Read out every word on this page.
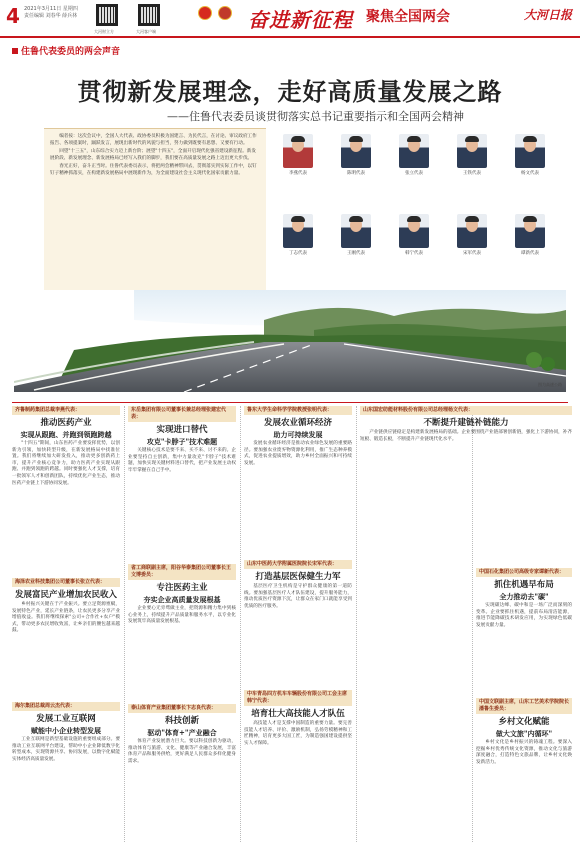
4 2021年3月11日 星期四
责任编辑 刘春华 薛兵林
大河财立方	大河客户端	奋进新征程 聚焦全国两会	大河日报
住鲁代表委员的两会声音
贯彻新发展理念，走好高质量发展之路
——住鲁代表委员谈贯彻落实总书记重要指示和全国两会精神

编者按：这次会议中，全国人大代表、政协委员积极为国建言、为民代言，在讨论、审议政府工作报告、各项提案时，踊跃发言，展现出新时代的风貌与担当，努力做到既要有思想、又要有行动。

回望"十三五"，山东综合实力迈上新台阶；展望"十四五"，全面开启现代化强省建设新征程。新发展阶段、新发展理念、新发展格局已经写入我们的脚步，我们要在高质量发展之路上迈出更大步伐。

春光正好，奋斗正当时。住鲁代表委员表示，将把两会精神带回去，贯彻落实到实际工作中，以钉钉子精神抓落实，在构建新发展格局中展现新作为，为全面建设社会主义现代化国家贡献力量。	李燕代表	陈明代表	张立代表	王铁代表	杨文代表
丁志代表	王刚代表	韩宁代表	宋军代表	谭新代表
图为高速公路
齐鲁制药集团总裁李燕代表：
推动医药产业
实现从跟跑、并跑到领跑跨越
"十四五"期间，山东医药产业要发挥优势，以创新为引领，加快转型升级，在新发展格局中找准位置。我们将继续加大研发投入，推动更多创新药上市，提升产业核心竞争力，助力医药产业实现从跟跑、并跑到领跑的跨越。同时要强化人才支撑，培育一批领军人才和创新团队，持续优化产业生态，推动医药产业链上下游协同发展。
海泽农业科技集团公司董事长张立代表：
发展富民产业增加农民收入
乡村振兴关键在于产业振兴。要立足资源禀赋，发展特色产业，延长产业链条，让农民更多分享产业增值收益。我们将继续探索"公司+合作社+农户"模式，带动更多农民增收致富，让乡亲们的腰包越来越鼓。
海尔集团总裁周云杰代表：
发展工业互联网
赋能中小企业转型发展
工业互联网是新型基础设施的重要组成部分。要推动工业互联网平台建设，帮助中小企业降低数字化转型成本，实现资源共享、协同发展，以数字化赋能实体经济高质量发展。
东岳集团有限公司董事长兼总经理张建宏代表：
实现进口替代
攻克"卡脖子"技术难题
关键核心技术是要不来、买不来、讨不来的。企业要坚持自主创新，集中力量攻克"卡脖子"技术难题，加快实现关键材料进口替代，把产业发展主动权牢牢掌握在自己手中。
省工商联副主席，阳谷华泰集团公司董事长王文博委员：
专注医药主业
夯实企业高质量发展根基
企业要心无旁骛做主业，把资源和精力集中到核心业务上，持续提升产品质量和服务水平，以专业化发展筑牢高质量发展根基。
泰山体育产业集团董事长卞志良代表：
科技创新
驱动"体育+"产业融合
体育产业发展潜力巨大。要以科技创新为驱动，推动体育与旅游、文化、健康等产业融合发展，丰富体育产品和服务供给，更好满足人民群众多样化健身需求。
鲁东大学生命科学学院教授张明代表：
发展农业循环经济
助力可持续发展
发展农业循环经济是推动农业绿色发展的重要路径。要加强农业废弃物资源化利用，推广生态种养模式，促进农业提质增效，助力乡村全面振兴和可持续发展。
山东中医药大学附属医院院长宋军代表：
打造基层医保健生力军
基层医疗卫生机构是守护群众健康的第一道防线。要加强基层医疗人才队伍建设，提升服务能力，推动优质医疗资源下沉，让群众在家门口就能享受到优质的医疗服务。
中车青岛四方机车车辆股份有限公司工会主席韩宁代表：
培育壮大高技能人才队伍
高技能人才是支撑中国制造的重要力量。要完善技能人才培养、评价、激励机制，弘扬劳模精神和工匠精神，培育更多大国工匠，为制造强国建设提供坚实人才保障。
山东国宏纺能材料股份有限公司总经理杨文代表：
不断提升建链补链能力
产业链供应链稳定是构建新发展格局的基础。企业要围绕产业链部署创新链，强化上下游协同，补齐短板、锻造长板，不断提升产业链现代化水平。
中国石化集团公司高级专家谭新代表：
抓住机遇早布局
全力推动去"碳"
实现碳达峰、碳中和是一场广泛而深刻的变革。企业要抓住机遇，提前布局清洁能源，推进节能降碳技术研发应用，为实现绿色低碳发展贡献力量。
中国文联副主席，山东工艺美术学院院长潘鲁生委员：
乡村文化赋能
做大文旅"内循环"
乡村文化是乡村振兴的铸魂工程。要深入挖掘乡村优秀传统文化资源，推动文化与旅游深度融合，打造特色文旅品牌，让乡村文化焕发新活力。
